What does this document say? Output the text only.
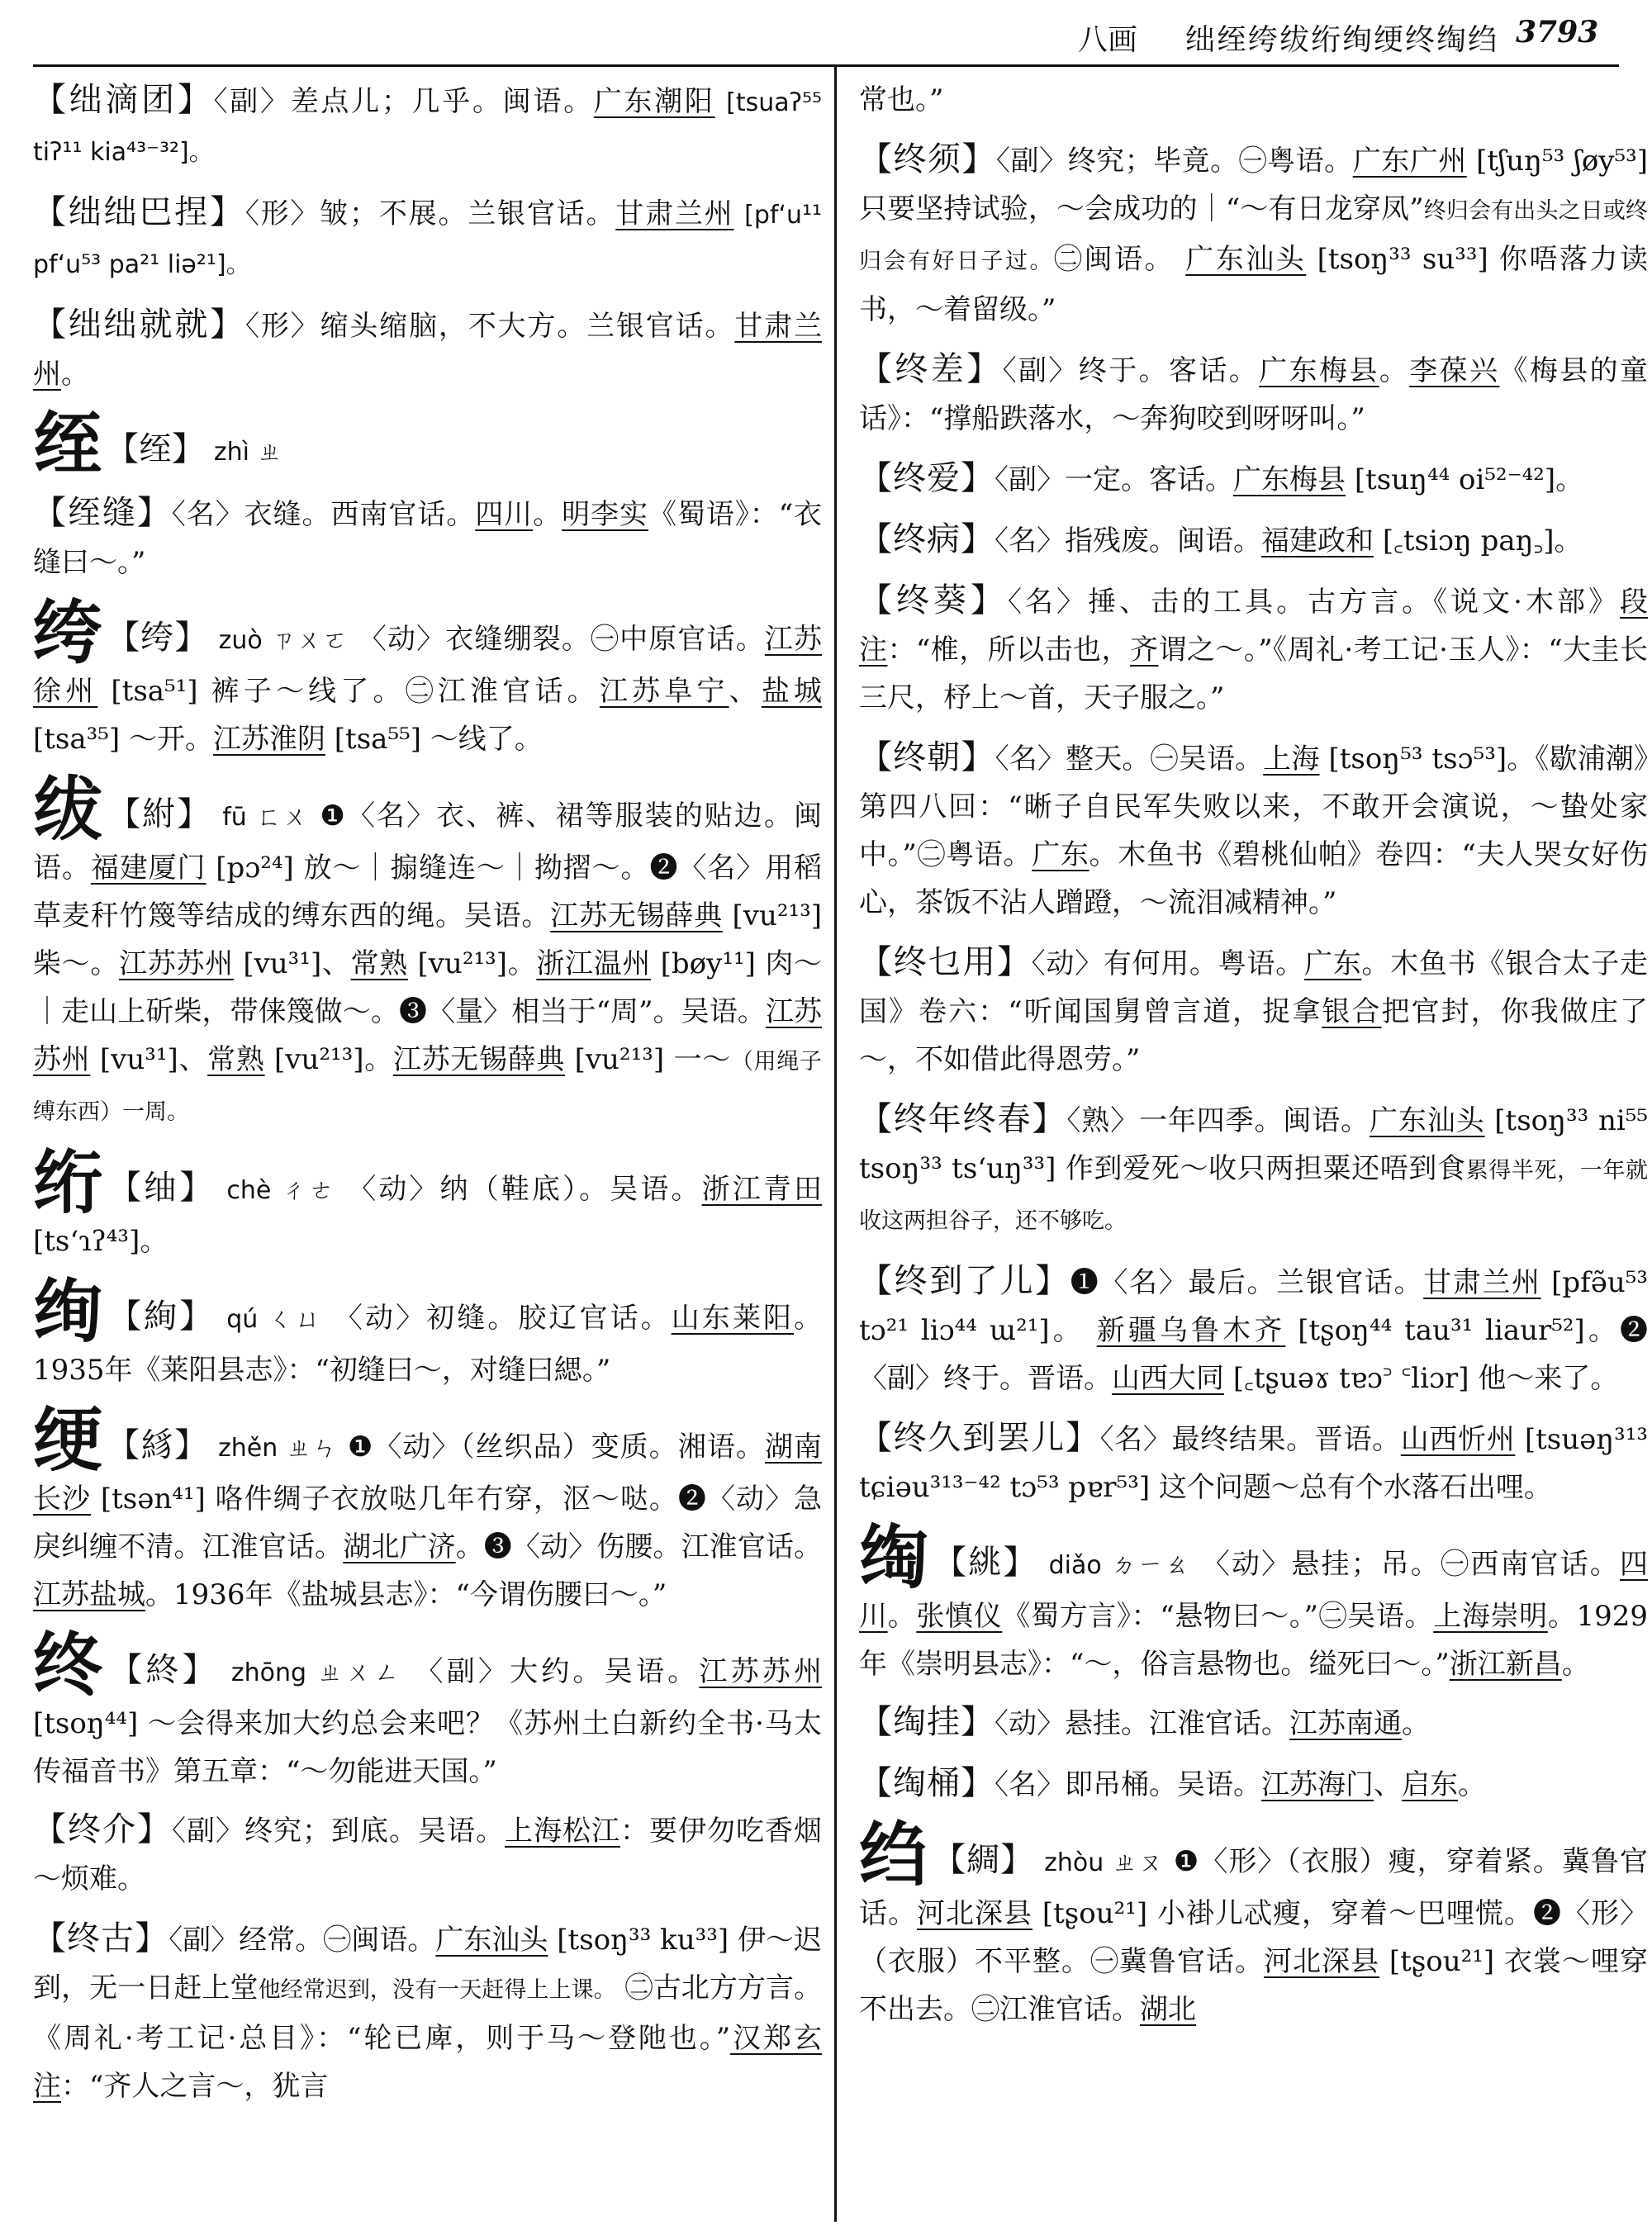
八画 绌绖绔绂绗绚绠终绹绉 3793
【绌滴团】〈副〉差点儿；几乎。闽语。广东潮阳 [tsuaʔ⁵⁵ tiʔ¹¹ kia⁴³⁻³²]。
【绌绌巴捏】〈形〉皱；不展。兰银官话。甘肃兰州 [pfʻu¹¹ pfʻu⁵³ pa²¹ liə²¹]。
【绌绌就就】〈形〉缩头缩脑，不大方。兰银官话。甘肃兰州。
绖 【绖】 zhì ㄓ
【绖缝】〈名〉衣缝。西南官话。四川。明李实《蜀语》：“衣缝曰～。”
绔 【绔】 zuò ㄗㄨㄛ 〈动〉衣缝绷裂。㊀中原官话。江苏徐州 [tsa⁵¹] 裤子～线了。㊁江淮官话。江苏阜宁、盐城 [tsa³⁵] ～开。江苏淮阴 [tsa⁵⁵] ～线了。
绂 【紨】 fū ㄈㄨ ❶〈名〉衣、裤、裙等服装的贴边。闽语。福建厦门 [pɔ²⁴] 放～｜搧缝连～｜拗摺～。❷〈名〉用稻草麦秆竹篾等结成的缚东西的绳。吴语。江苏无锡薛典 [vu²¹³] 柴～。江苏苏州 [vu³¹]、常熟 [vu²¹³]。浙江温州 [bøy¹¹] 肉～｜走山上斫柴，带俫篾做～。❸〈量〉相当于“周”。吴语。江苏苏州 [vu³¹]、常熟 [vu²¹³]。江苏无锡薛典 [vu²¹³] 一～（用绳子缚东西）一周。
绗 【䌷】 chè ㄔㄜ 〈动〉纳（鞋底）。吴语。浙江青田 [tsʻɿʔ⁴³]。
绚 【絢】 qú ㄑㄩ 〈动〉初缝。胶辽官话。山东莱阳。1935年《莱阳县志》：“初缝曰～，对缝曰緦。”
绠 【絼】 zhěn ㄓㄣ ❶〈动〉（丝织品）变质。湘语。湖南长沙 [tsən⁴¹] 咯件绸子衣放哒几年冇穿，沤～哒。❷〈动〉急戾纠缠不清。江淮官话。湖北广济。❸〈动〉伤腰。江淮官话。江苏盐城。1936年《盐城县志》：“今谓伤腰曰～。”
终 【終】 zhōng ㄓㄨㄥ 〈副〉大约。吴语。江苏苏州 [tsoŋ⁴⁴] ～会得来加大约总会来吧？《苏州土白新约全书·马太传福音书》第五章：“～勿能进天国。”
【终介】〈副〉终究；到底。吴语。上海松江：要伊勿吃香烟～烦难。
【终古】〈副〉经常。㊀闽语。广东汕头 [tsoŋ³³ ku³³] 伊～迟到，无一日赶上堂他经常迟到，没有一天赶得上上课。 ㊁古北方方言。《周礼·考工记·总目》：“轮已庳，则于马～登阤也。”汉郑玄注：“齐人之言～，犹言
常也。”
【终须】〈副〉终究；毕竟。㊀粤语。广东广州 [tʃuŋ⁵³ ʃøy⁵³] 只要坚持试验，～会成功的｜“～有日龙穿凤”终归会有出头之日或终归会有好日子过。㊁闽语。 广东汕头 [tsoŋ³³ su³³] 你唔落力读书，～着留级。”
【终差】〈副〉终于。客话。广东梅县。李葆兴《梅县的童话》：“撑船跌落水，～奔狗咬到呀呀叫。”
【终爱】〈副〉一定。客话。广东梅县 [tsuŋ⁴⁴ oi⁵²⁻⁴²]。
【终病】〈名〉指残废。闽语。福建政和 [꜀tsiɔŋ paŋ꜆]。
【终葵】〈名〉捶、击的工具。古方言。《说文·木部》段注：“椎，所以击也，齐谓之～。”《周礼·考工记·玉人》：“大圭长三尺，杼上～首，天子服之。”
【终朝】〈名〉整天。㊀吴语。上海 [tsoŋ⁵³ tsɔ⁵³]。《歇浦潮》第四八回：“晰子自民军失败以来，不敢开会演说，～蛰处家中。”㊁粤语。广东。木鱼书《碧桃仙帕》卷四：“夫人哭女好伤心，茶饭不沾人蹭蹬，～流泪减精神。”
【终乜用】〈动〉有何用。粤语。广东。木鱼书《银合太子走国》卷六：“听闻国舅曾言道，捉拿银合把官封，你我做庄了～，不如借此得恩劳。”
【终年终春】〈熟〉一年四季。闽语。广东汕头 [tsoŋ³³ ni⁵⁵ tsoŋ³³ tsʻuŋ³³] 作到爱死～收只两担粟还唔到食累得半死，一年就收这两担谷子，还不够吃。
【终到了儿】❶〈名〉最后。兰银官话。甘肃兰州 [pfə̃u⁵³ tɔ²¹ liɔ⁴⁴ ɯ²¹]。 新疆乌鲁木齐 [tʂoŋ⁴⁴ tau³¹ liaur⁵²]。❷〈副〉终于。晋语。山西大同 [꜀tʂuəɤ tɐɔ꜄ ꜂liɔr] 他～来了。
【终久到罢儿】〈名〉最终结果。晋语。山西忻州 [tsuəŋ³¹³ tɕiəu³¹³⁻⁴² tɔ⁵³ pɐr⁵³] 这个问题～总有个水落石出哩。
绹 【絩】 diǎo ㄉㄧㄠ 〈动〉悬挂；吊。㊀西南官话。四川。张慎仪《蜀方言》：“悬物曰～。”㊁吴语。上海崇明。1929年《崇明县志》：“～，俗言悬物也。缢死曰～。”浙江新昌。
【绹挂】〈动〉悬挂。江淮官话。江苏南通。
【绹桶】〈名〉即吊桶。吴语。江苏海门、启东。
绉 【綢】 zhòu ㄓㄡ ❶〈形〉（衣服）瘦，穿着紧。冀鲁官话。河北深县 [tʂou²¹] 小褂儿忒瘦，穿着～巴哩慌。❷〈形〉（衣服）不平整。㊀冀鲁官话。河北深县 [tʂou²¹] 衣裳～哩穿不出去。㊁江淮官话。湖北
